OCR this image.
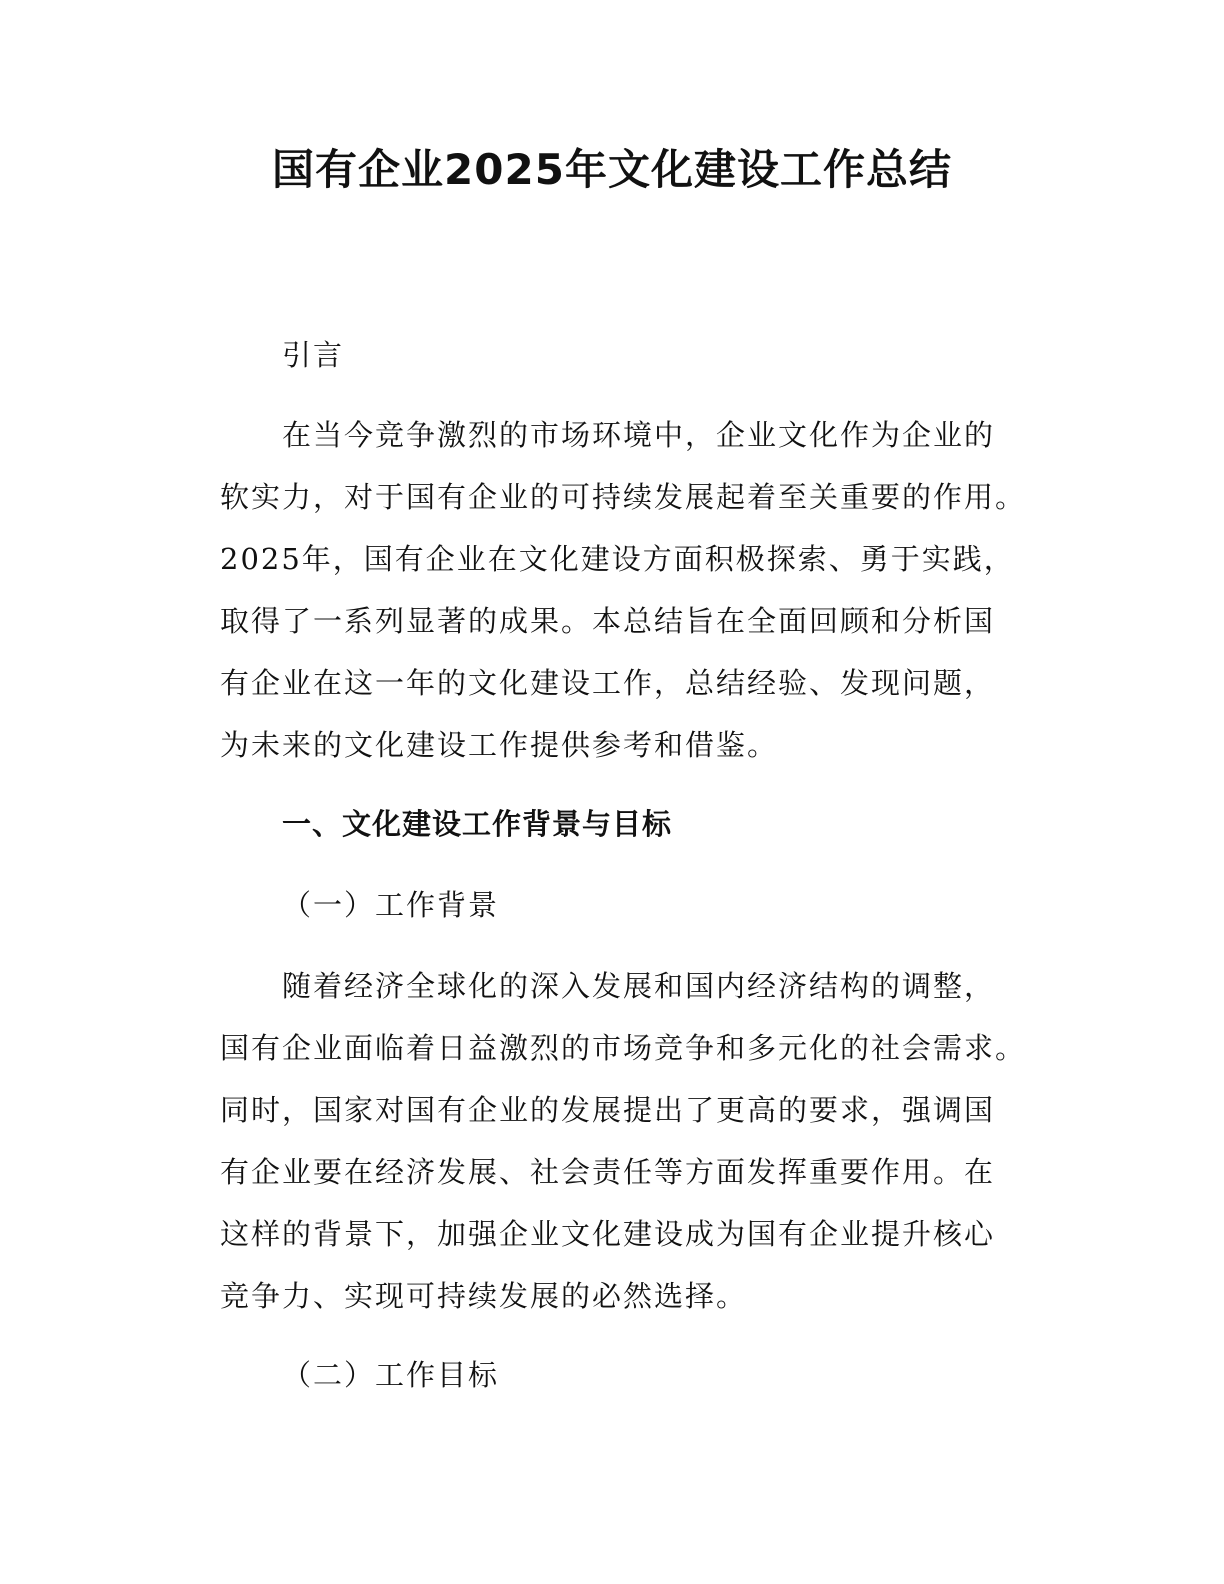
国有企业2025年文化建设工作总结
引言
在当今竞争激烈的市场环境中，企业文化作为企业的
软实力，对于国有企业的可持续发展起着至关重要的作用。
2025年，国有企业在文化建设方面积极探索、勇于实践，
取得了一系列显著的成果。本总结旨在全面回顾和分析国
有企业在这一年的文化建设工作，总结经验、发现问题，
为未来的文化建设工作提供参考和借鉴。
一、文化建设工作背景与目标
（一）工作背景
随着经济全球化的深入发展和国内经济结构的调整，
国有企业面临着日益激烈的市场竞争和多元化的社会需求。
同时，国家对国有企业的发展提出了更高的要求，强调国
有企业要在经济发展、社会责任等方面发挥重要作用。在
这样的背景下，加强企业文化建设成为国有企业提升核心
竞争力、实现可持续发展的必然选择。
（二）工作目标
